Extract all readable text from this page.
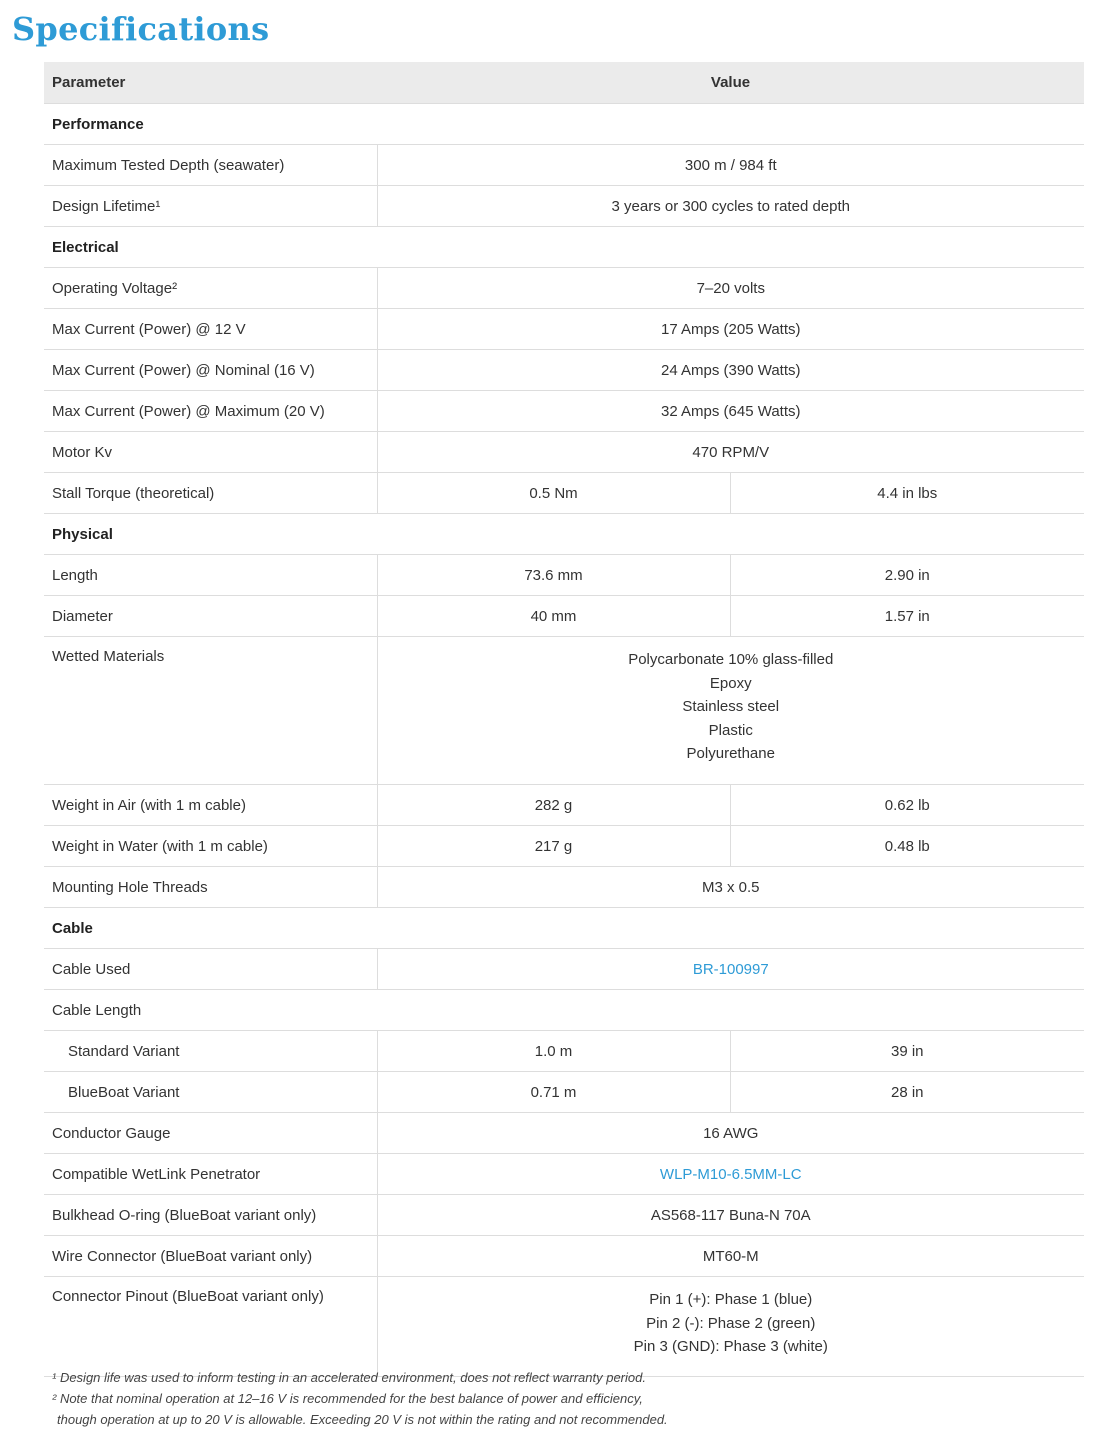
Specifications
Parameter	Value	
Performance		
Maximum Tested Depth (seawater)	300 m / 984 ft	
Design Lifetime¹	3 years or 300 cycles to rated depth	
Electrical		
Operating Voltage²	7–20 volts	
Max Current (Power) @ 12 V	17 Amps (205 Watts)	
Max Current (Power) @ Nominal (16 V)	24 Amps (390 Watts)	
Max Current (Power) @ Maximum (20 V)	32 Amps (645 Watts)	
Motor Kv	470 RPM/V	
Stall Torque (theoretical)	0.5 Nm	4.4 in lbs
Physical		
Length	73.6 mm	2.90 in
Diameter	40 mm	1.57 in
Wetted Materials	Polycarbonate 10% glass-filled
Epoxy
Stainless steel
Plastic
Polyurethane	

Weight in Air (with 1 m cable)	282 g	0.62 lb
Weight in Water (with 1 m cable)	217 g	0.48 lb
Mounting Hole Threads	M3 x 0.5	
Cable		
Cable Used	BR-100997	
Cable Length		
Standard Variant	1.0 m	39 in
BlueBoat Variant	0.71 m	28 in
Conductor Gauge	16 AWG	
Compatible WetLink Penetrator	WLP-M10-6.5MM-LC	
Bulkhead O-ring (BlueBoat variant only)	AS568-117 Buna-N 70A	
Wire Connector (BlueBoat variant only)	MT60-M	
Connector Pinout (BlueBoat variant only)	Pin 1 (+): Phase 1 (blue)
Pin 2 (-): Phase 2 (green)
Pin 3 (GND): Phase 3 (white)	
¹ Design life was used to inform testing in an accelerated environment, does not reflect warranty period.
² Note that nominal operation at 12–16 V is recommended for the best balance of power and efficiency,
though operation at up to 20 V is allowable. Exceeding 20 V is not within the rating and not recommended.
